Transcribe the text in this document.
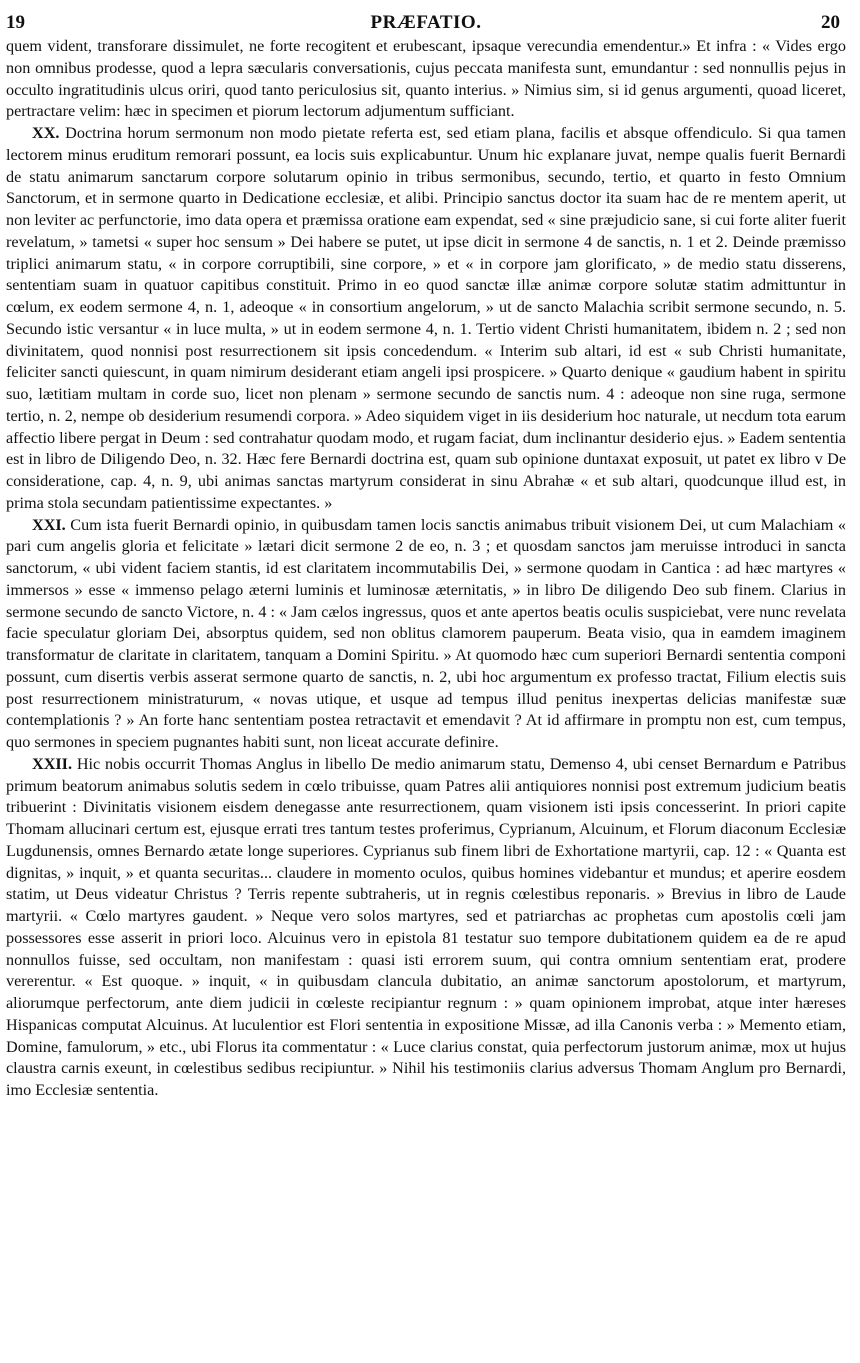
19	PRÆFATIO.	20

quem vident, transforare dissimulet, ne forte recogitent et erubescant, ipsaque verecundia emendentur.» Et infra : « Vides ergo non omnibus prodesse, quod a lepra sæcularis conversationis, cujus peccata manifesta sunt, emundantur : sed nonnullis pejus in occulto ingratitudinis ulcus oriri, quod tanto periculosius sit, quanto interius. » Nimius sim, si id genus argumenti, quoad liceret, pertractare velim: hæc in specimen et piorum lectorum adjumentum sufficiant.

XX. Doctrina horum sermonum non modo pietate referta est, sed etiam plana, facilis et absque offendiculo. Si qua tamen lectorem minus eruditum remorari possunt, ea locis suis explicabuntur. Unum hic explanare juvat, nempe qualis fuerit Bernardi de statu animarum sanctarum corpore solutarum opinio in tribus sermonibus, secundo, tertio, et quarto in festo Omnium Sanctorum, et in sermone quarto in Dedicatione ecclesiæ, et alibi. Principio sanctus doctor ita suam hac de re mentem aperit, ut non leviter ac perfunctorie, imo data opera et præmissa oratione eam expendat, sed « sine præjudicio sane, si cui forte aliter fuerit revelatum, » tametsi « super hoc sensum » Dei habere se putet, ut ipse dicit in sermone 4 de sanctis, n. 1 et 2. Deinde præmisso triplici animarum statu, « in corpore corruptibili, sine corpore, » et « in corpore jam glorificato, » de medio statu disserens, sententiam suam in quatuor capitibus constituit. Primo in eo quod sanctæ illæ animæ corpore solutæ statim admittuntur in cœlum, ex eodem sermone 4, n. 1, adeoque « in consortium angelorum, » ut de sancto Malachia scribit sermone secundo, n. 5. Secundo istic versantur « in luce multa, » ut in eodem sermone 4, n. 1. Tertio vident Christi humanitatem, ibidem n. 2 ; sed non divinitatem, quod nonnisi post resurrectionem sit ipsis concedendum. « Interim sub altari, id est « sub Christi humanitate, feliciter sancti quiescunt, in quam nimirum desiderant etiam angeli ipsi prospicere. » Quarto denique « gaudium habent in spiritu suo, lætitiam multam in corde suo, licet non plenam » sermone secundo de sanctis num. 4 : adeoque non sine ruga, sermone tertio, n. 2, nempe ob desiderium resumendi corpora. » Adeo siquidem viget in iis desiderium hoc naturale, ut necdum tota earum affectio libere pergat in Deum : sed contrahatur quodam modo, et rugam faciat, dum inclinantur desiderio ejus. » Eadem sententia est in libro de Diligendo Deo, n. 32. Hæc fere Bernardi doctrina est, quam sub opinione duntaxat exposuit, ut patet ex libro v De consideratione, cap. 4, n. 9, ubi animas sanctas martyrum considerat in sinu Abrahæ « et sub altari, quodcunque illud est, in prima stola secundam patientissime expectantes. »

XXI. Cum ista fuerit Bernardi opinio, in quibusdam tamen locis sanctis animabus tribuit visionem Dei, ut cum Malachiam « pari cum angelis gloria et felicitate » lætari dicit sermone 2 de eo, n. 3 ; et quosdam sanctos jam meruisse introduci in sancta sanctorum, « ubi vident faciem stantis, id est claritatem incommutabilis Dei, » sermone quodam in Cantica : ad hæc martyres « immersos » esse « immenso pelago æterni luminis et luminosæ æternitatis, » in libro De diligendo Deo sub finem. Clarius in sermone secundo de sancto Victore, n. 4 : « Jam cælos ingressus, quos et ante apertos beatis oculis suspiciebat, vere nunc revelata facie speculatur gloriam Dei, absorptus quidem, sed non oblitus clamorem pauperum. Beata visio, qua in eamdem imaginem transformatur de claritate in claritatem, tanquam a Domini Spiritu. » At quomodo hæc cum superiori Bernardi sententia componi possunt, cum disertis verbis asserat sermone quarto de sanctis, n. 2, ubi hoc argumentum ex professo tractat, Filium electis suis post resurrectionem ministraturum, « novas utique, et usque ad tempus illud penitus inexpertas delicias manifestæ suæ contemplationis ? » An forte hanc sententiam postea retractavit et emendavit ? At id affirmare in promptu non est, cum tempus, quo sermones in speciem pugnantes habiti sunt, non liceat accurate definire.

XXII. Hic nobis occurrit Thomas Anglus in libello De medio animarum statu, Demenso 4, ubi censet Bernardum e Patribus primum beatorum animabus solutis sedem in cœlo tribuisse, quam Patres alii antiquiores nonnisi post extremum judicium beatis tribuerint : Divinitatis visionem eisdem denegasse ante resurrectionem, quam visionem isti ipsis concesserint. In priori capite Thomam allucinari certum est, ejusque errati tres tantum testes proferimus, Cyprianum, Alcuinum, et Florum diaconum Ecclesiæ Lugdunensis, omnes Bernardo ætate longe superiores. Cyprianus sub finem libri de Exhortatione martyrii, cap. 12 : « Quanta est dignitas, » inquit, » et quanta securitas... claudere in momento oculos, quibus homines videbantur et mundus; et aperire eosdem statim, ut Deus videatur Christus ? Terris repente subtraheris, ut in regnis cœlestibus reponaris. » Brevius in libro de Laude martyrii. « Cœlo martyres gaudent. » Neque vero solos martyres, sed et patriarchas ac prophetas cum apostolis cœli jam possessores esse asserit in priori loco. Alcuinus vero in epistola 81 testatur suo tempore dubitationem quidem ea de re apud nonnullos fuisse, sed occultam, non manifestam : quasi isti errorem suum, qui contra omnium sententiam erat, prodere vererentur. « Est quoque. » inquit, « in quibusdam clancula dubitatio, an animæ sanctorum apostolorum, et martyrum, aliorumque perfectorum, ante diem judicii in cœleste recipiantur regnum : » quam opinionem improbat, atque inter hæreses Hispanicas computat Alcuinus. At luculentior est Flori sententia in expositione Missæ, ad illa Canonis verba : » Memento etiam, Domine, famulorum, » etc., ubi Florus ita commentatur : « Luce clarius constat, quia perfectorum justorum animæ, mox ut hujus claustra carnis exeunt, in cœlestibus sedibus recipiuntur. » Nihil his testimoniis clarius adversus Thomam Anglum pro Bernardi, imo Ecclesiæ sententia.
